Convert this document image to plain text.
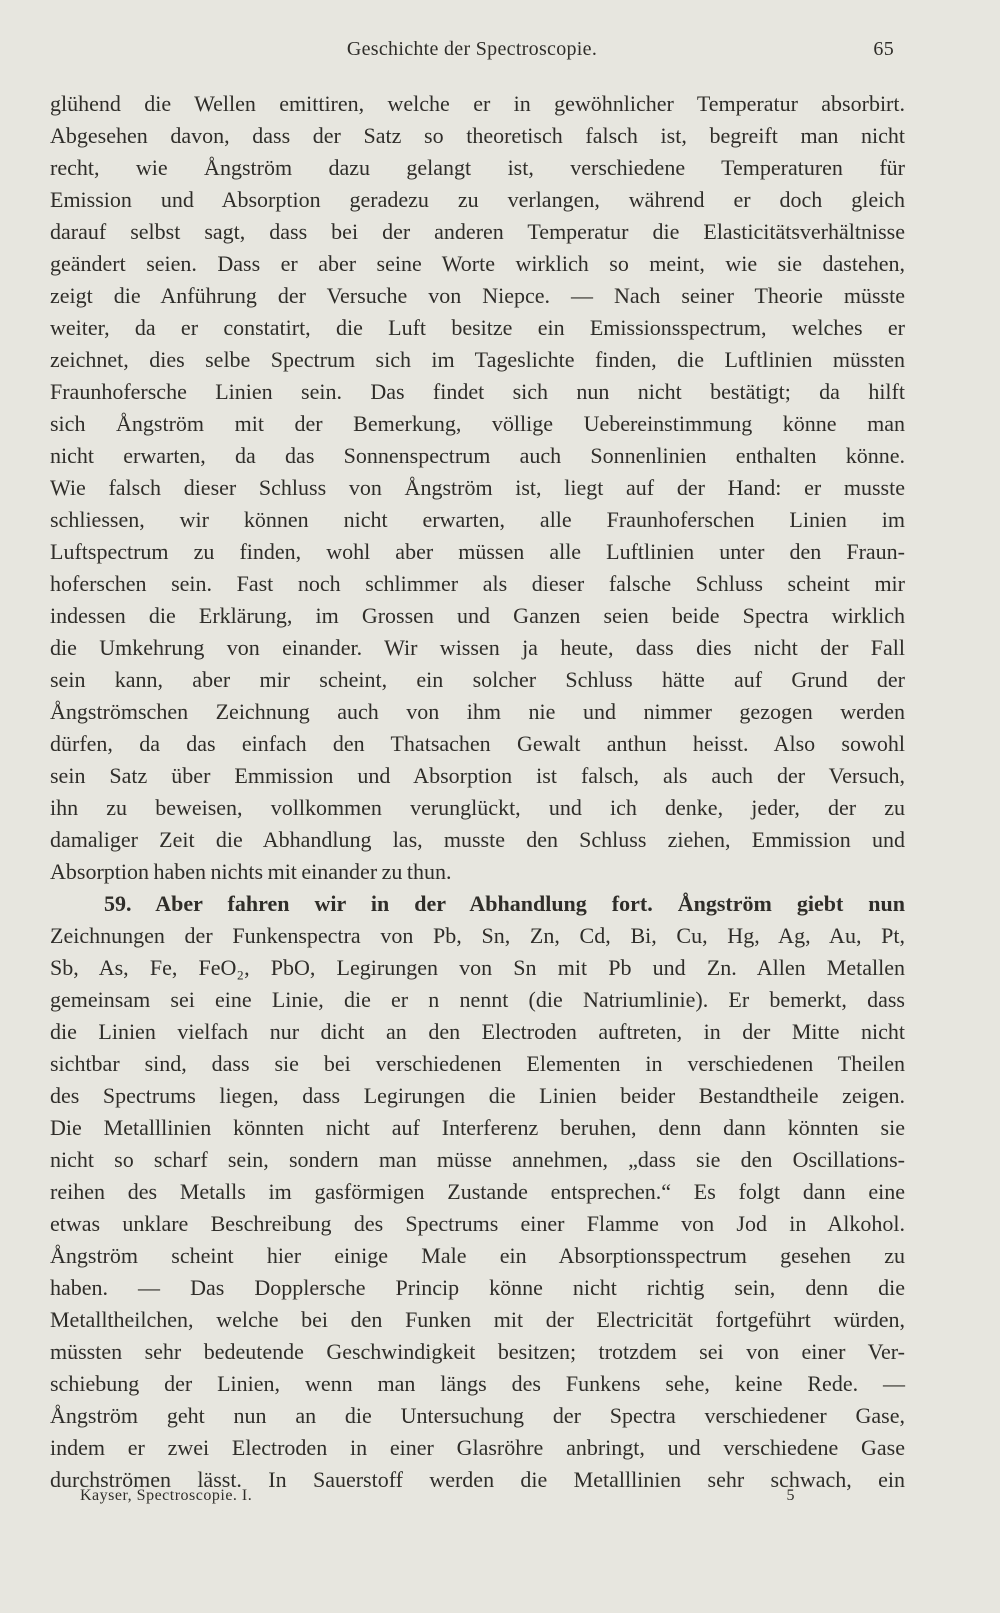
Geschichte der Spectroscopie.	65
glühend die Wellen emittiren, welche er in gewöhnlicher Temperatur absorbirt.
Abgesehen davon, dass der Satz so theoretisch falsch ist, begreift man nicht
recht, wie Ångström dazu gelangt ist, verschiedene Temperaturen für
Emission und Absorption geradezu zu verlangen, während er doch gleich
darauf selbst sagt, dass bei der anderen Temperatur die Elasticitätsverhältnisse
geändert seien. Dass er aber seine Worte wirklich so meint, wie sie dastehen,
zeigt die Anführung der Versuche von Niepce. — Nach seiner Theorie müsste
weiter, da er constatirt, die Luft besitze ein Emissionsspectrum, welches er
zeichnet, dies selbe Spectrum sich im Tageslichte finden, die Luftlinien müssten
Fraunhofersche Linien sein. Das findet sich nun nicht bestätigt; da hilft
sich Ångström mit der Bemerkung, völlige Uebereinstimmung könne man
nicht erwarten, da das Sonnenspectrum auch Sonnenlinien enthalten könne.
Wie falsch dieser Schluss von Ångström ist, liegt auf der Hand: er musste
schliessen, wir können nicht erwarten, alle Fraunhoferschen Linien im
Luftspectrum zu finden, wohl aber müssen alle Luftlinien unter den Fraun-
hoferschen sein. Fast noch schlimmer als dieser falsche Schluss scheint mir
indessen die Erklärung, im Grossen und Ganzen seien beide Spectra wirklich
die Umkehrung von einander. Wir wissen ja heute, dass dies nicht der Fall
sein kann, aber mir scheint, ein solcher Schluss hätte auf Grund der
Ångströmschen Zeichnung auch von ihm nie und nimmer gezogen werden
dürfen, da das einfach den Thatsachen Gewalt anthun heisst. Also sowohl
sein Satz über Emmission und Absorption ist falsch, als auch der Versuch,
ihn zu beweisen, vollkommen verunglückt, und ich denke, jeder, der zu
damaliger Zeit die Abhandlung las, musste den Schluss ziehen, Emmission und
Absorption haben nichts mit einander zu thun.
59. Aber fahren wir in der Abhandlung fort. Ångström giebt nun
Zeichnungen der Funkenspectra von Pb, Sn, Zn, Cd, Bi, Cu, Hg, Ag, Au, Pt,
Sb, As, Fe, FeO₂, PbO, Legirungen von Sn mit Pb und Zn. Allen Metallen
gemeinsam sei eine Linie, die er n nennt (die Natriumlinie). Er bemerkt, dass
die Linien vielfach nur dicht an den Electroden auftreten, in der Mitte nicht
sichtbar sind, dass sie bei verschiedenen Elementen in verschiedenen Theilen
des Spectrums liegen, dass Legirungen die Linien beider Bestandtheile zeigen.
Die Metalllinien könnten nicht auf Interferenz beruhen, denn dann könnten sie
nicht so scharf sein, sondern man müsse annehmen, „dass sie den Oscillations-
reihen des Metalls im gasförmigen Zustande entsprechen.“ Es folgt dann eine
etwas unklare Beschreibung des Spectrums einer Flamme von Jod in Alkohol.
Ångström scheint hier einige Male ein Absorptionsspectrum gesehen zu
haben. — Das Dopplersche Princip könne nicht richtig sein, denn die
Metalltheilchen, welche bei den Funken mit der Electricität fortgeführt würden,
müssten sehr bedeutende Geschwindigkeit besitzen; trotzdem sei von einer Ver-
schiebung der Linien, wenn man längs des Funkens sehe, keine Rede. —
Ångström geht nun an die Untersuchung der Spectra verschiedener Gase,
indem er zwei Electroden in einer Glasröhre anbringt, und verschiedene Gase
durchströmen lässt. In Sauerstoff werden die Metalllinien sehr schwach, ein
Kayser, Spectroscopie. I.	5
